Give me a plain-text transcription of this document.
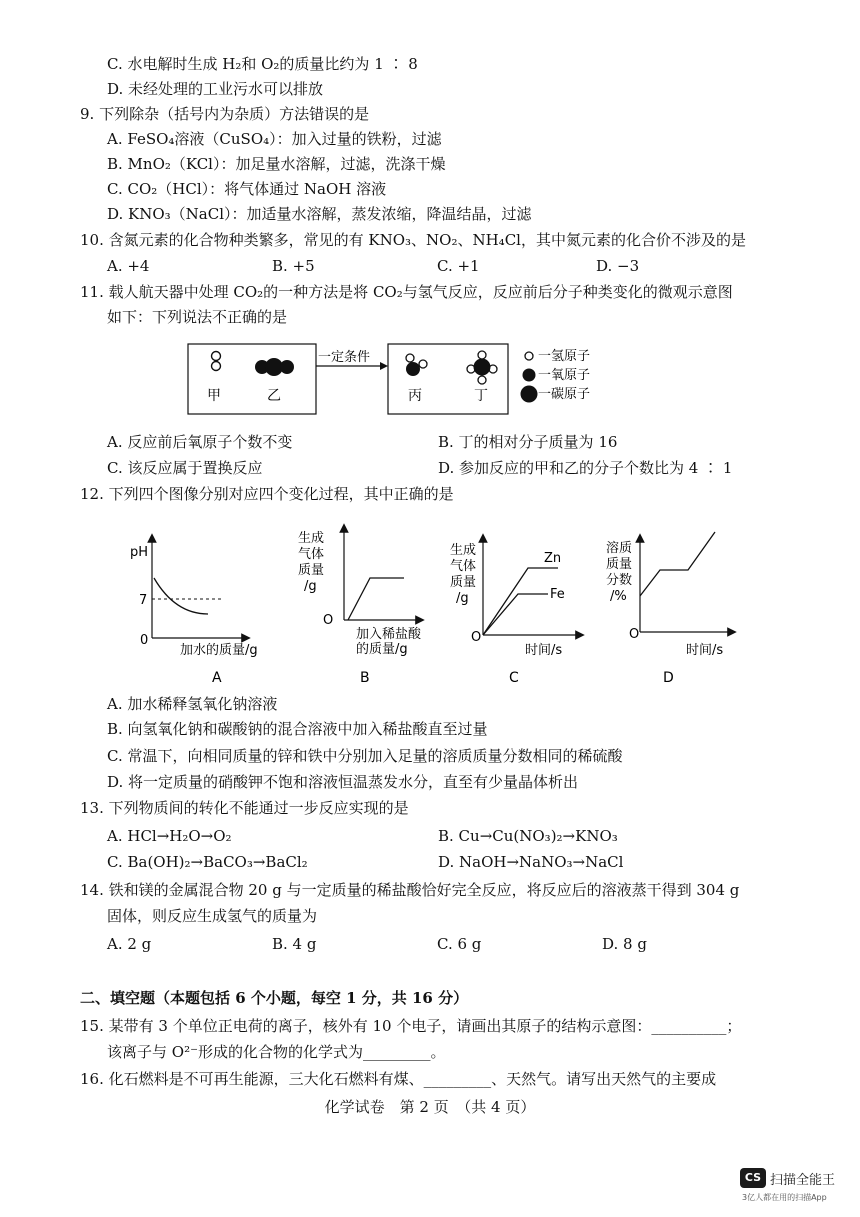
C. 水电解时生成 H₂和 O₂的质量比约为 1 ∶ 8
D. 未经处理的工业污水可以排放
9. 下列除杂（括号内为杂质）方法错误的是
A. FeSO₄溶液（CuSO₄）：加入过量的铁粉，过滤
B. MnO₂（KCl）：加足量水溶解，过滤，洗涤干燥
C. CO₂（HCl）：将气体通过 NaOH 溶液
D. KNO₃（NaCl）：加适量水溶解，蒸发浓缩，降温结晶，过滤
10. 含氮元素的化合物种类繁多，常见的有 KNO₃、NO₂、NH₄Cl，其中氮元素的化合价不涉及的是
A. +4	B. +5	C. +1	D. −3
11. 载人航天器中处理 CO₂的一种方法是将 CO₂与氢气反应，反应前后分子种类变化的微观示意图
如下：下列说法不正确的是
甲	乙
一定条件
丙	丁
一氢原子
一氧原子
一碳原子
A. 反应前后氧原子个数不变	B. 丁的相对分子质量为 16
C. 该反应属于置换反应	D. 参加反应的甲和乙的分子个数比为 4 ∶ 1
12. 下列四个图像分别对应四个变化过程，其中正确的是
pH
7
0
加水的质量/g
A
生成
气体
质量
/g
O
加入稀盐酸
的质量/g
B
生成
气体
质量
/g
Zn
Fe
O
时间/s
C
溶质
质量
分数
/%
O
时间/s
D
A. 加水稀释氢氧化钠溶液
B. 向氢氧化钠和碳酸钠的混合溶液中加入稀盐酸直至过量
C. 常温下，向相同质量的锌和铁中分别加入足量的溶质质量分数相同的稀硫酸
D. 将一定质量的硝酸钾不饱和溶液恒温蒸发水分，直至有少量晶体析出
13. 下列物质间的转化不能通过一步反应实现的是
A. HCl→H₂O→O₂	B. Cu→Cu(NO₃)₂→KNO₃
C. Ba(OH)₂→BaCO₃→BaCl₂	D. NaOH→NaNO₃→NaCl
14. 铁和镁的金属混合物 20 g 与一定质量的稀盐酸恰好完全反应，将反应后的溶液蒸干得到 304 g
固体，则反应生成氢气的质量为
A. 2 g	B. 4 g	C. 6 g	D. 8 g
二、填空题（本题包括 6 个小题，每空 1 分，共 16 分）
15. 某带有 3 个单位正电荷的离子，核外有 10 个电子，请画出其原子的结构示意图：__________；
该离子与 O²⁻形成的化合物的化学式为_________。
16. 化石燃料是不可再生能源，三大化石燃料有煤、_________、天然气。请写出天然气的主要成
化学试卷　第 2 页　（共 4 页）
CS 扫描全能王
3亿人都在用的扫描App
